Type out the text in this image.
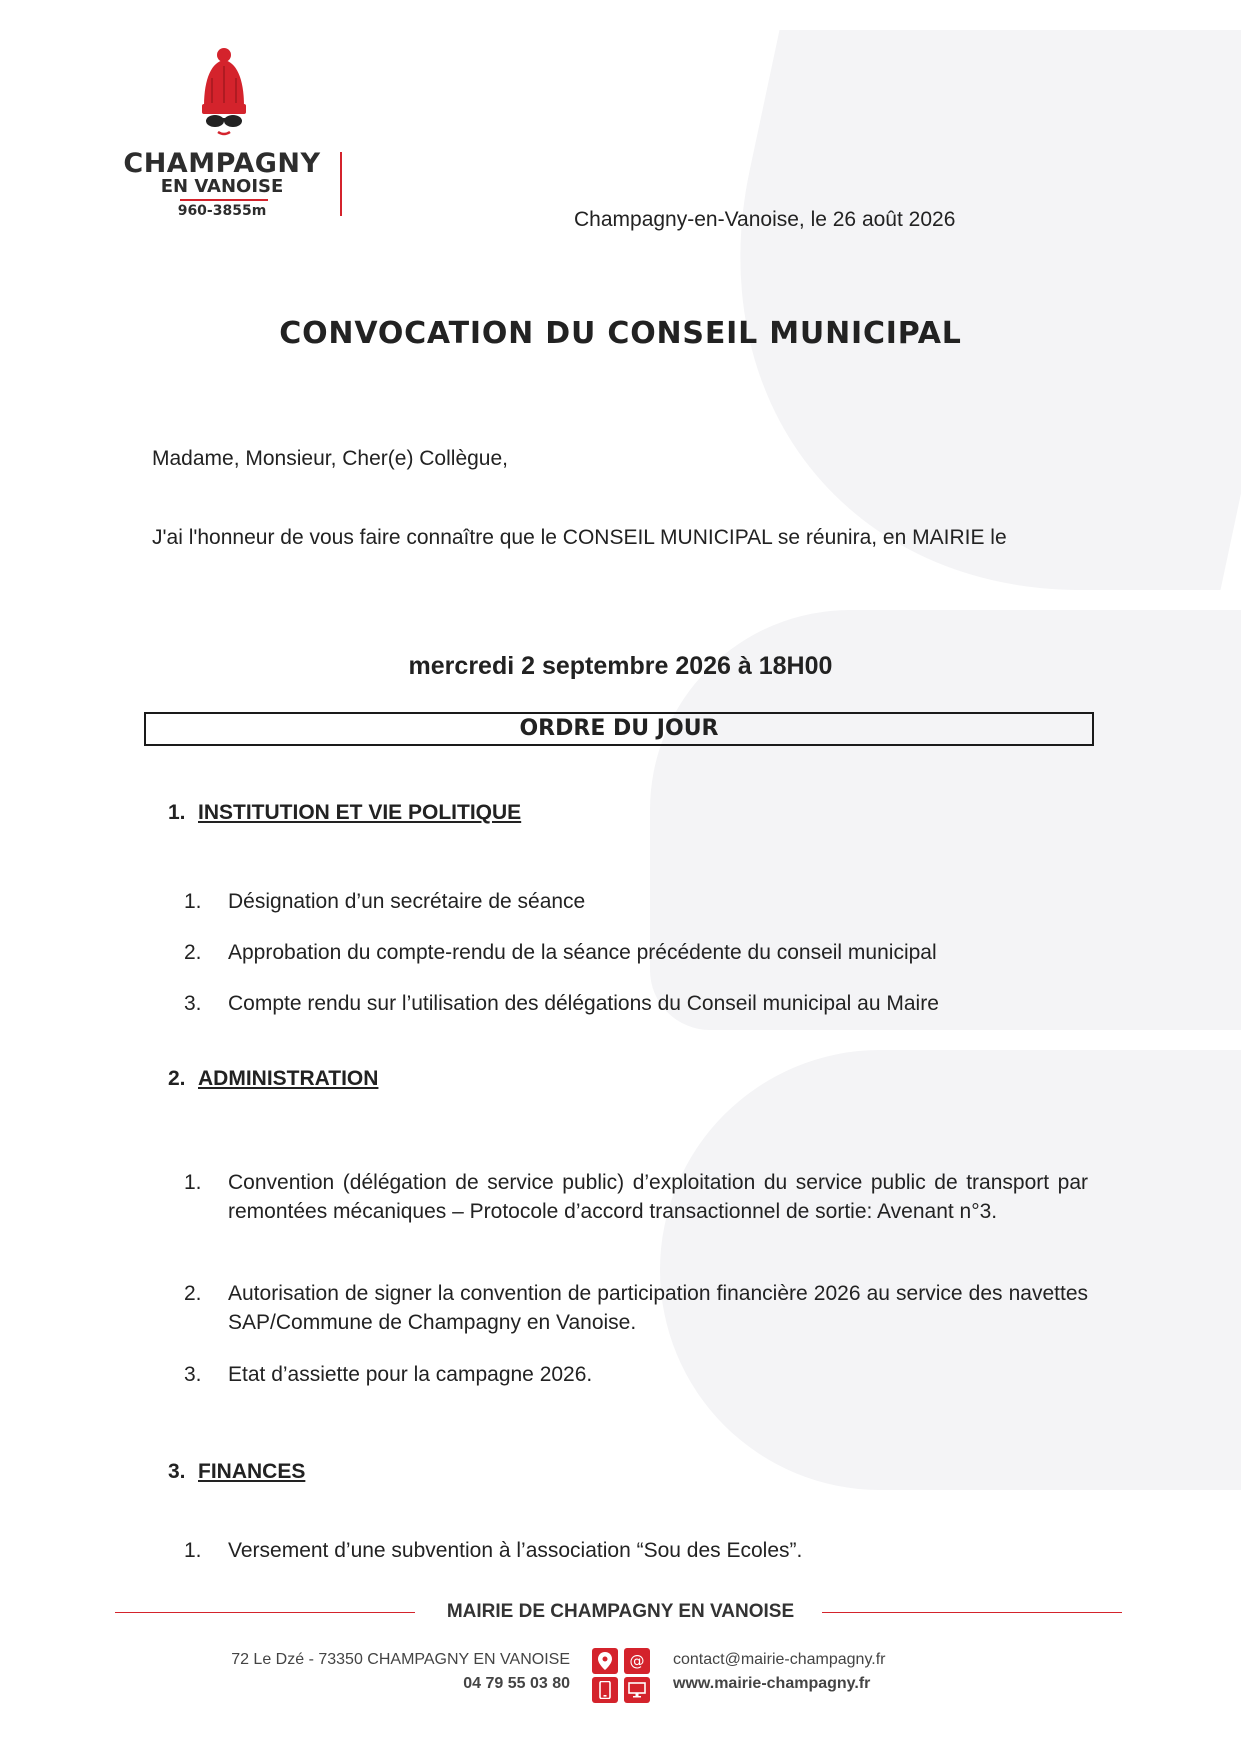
CHAMPAGNY
EN VANOISE
960-3855m	Champagny-en-Vanoise, le 26 août 2026
CONVOCATION DU CONSEIL MUNICIPAL
Madame, Monsieur, Cher(e) Collègue,
J'ai l'honneur de vous faire connaître que le CONSEIL MUNICIPAL se réunira, en MAIRIE le
mercredi 2 septembre 2026 à 18H00
ORDRE DU JOUR
1. INSTITUTION ET VIE POLITIQUE
1.	Désignation d’un secrétaire de séance
2.	Approbation du compte-rendu de la séance précédente du conseil municipal
3.	Compte rendu sur l’utilisation des délégations du Conseil municipal au Maire
2. ADMINISTRATION
1.	Convention (délégation de service public) d’exploitation du service public de transport par remontées mécaniques – Protocole d’accord transactionnel de sortie: Avenant n°3.
2.	Autorisation de signer la convention de participation financière 2026 au service des navettes SAP/Commune de Champagny en Vanoise.
3.	Etat d’assiette pour la campagne 2026.
3. FINANCES
1.	Versement d’une subvention à l’association “Sou des Ecoles”.
MAIRIE DE CHAMPAGNY EN VANOISE
72 Le Dzé - 73350 CHAMPAGNY EN VANOISE
04 79 55 03 80
@	contact@mairie-champagny.fr
www.mairie-champagny.fr
